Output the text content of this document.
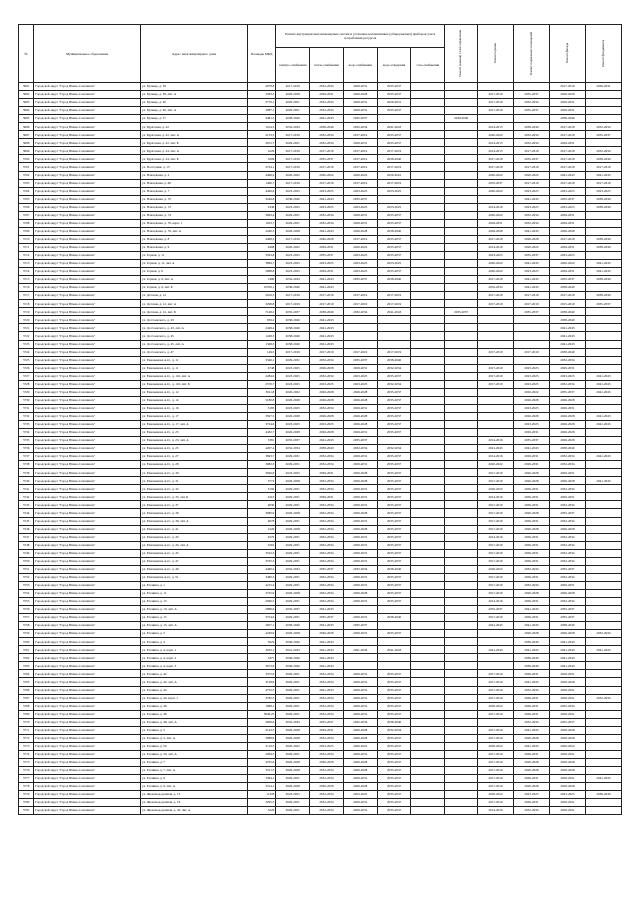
№	Муниципальное образование	Адрес многоквартирного дома	Площадь МКД	Ремонт внутридомовых инженерных систем и установка коллективных (общедомовых) приборов учета потребления ресурсов					Ремонт (замена) узлов управления	Ремонт крыши	Ремонт подвальных помещений	Ремонт фасада	Ремонт фундамента

				электро-снабжения	тепло-снабжения	водо-снабжения	водо-отведения	газо-снабжения					
3691	Городской округ "Город Южно-Сахалинск"	ул. Бульвар, д. 38	4078,8	2017-2019	2032-2034	2029-2031	2035-2037					2017-2019	2029-2031
3692	Городской округ "Город Южно-Сахалинск"	ул. Бульвар, д. 38, лит. А	3363,3	2026-2028	2029-2031	2026-2028	2035-2037			2017-2019	2035-2037	2026-2028	
3693	Городской округ "Город Южно-Сахалинск"	ул. Бульвар, д. 40	3770,1	2029-2031	2032-2034	2029-2031	2029-2031			2017-2019	2032-2034	2029-2031	
3694	Городской округ "Город Южно-Сахалинск"	ул. Бульвар, д. 40, лит. А	2087,1	2029-2031	2032-2034	2029-2031	2035-2037			2017-2019	2035-2037	2029-2031	
3695	Городской округ "Город Южно-Сахалинск"	ул. Бульвар, д. 57	4481,5	2038-2040	2041-2043	2035-2037			2038-2040			2038-2040	
3696	Городской округ "Город Южно-Сахалинск"	ул. Бурятская, д. 22	1014,5	2032-2034	2038-2040	2032-2034	2041-2043			2014-2015	2038-2040	2017-2019	2032-2034
3697	Городской округ "Город Южно-Сахалинск"	ул. Бурятская, д. 22, лит. А	2133,5	2017-2019	2032-2034	2017-2019	2035-2037			2020-2022	2032-2034	2017-2019	2035-2037
3698	Городской округ "Город Южно-Сахалинск"	ул. Бурятская, д. 22, лит. Б	2815,7	2029-2031	2032-2034	2029-2031	2035-2037			2014-2015	2032-2034	2029-2031	
3699	Городской округ "Город Южно-Сахалинск"	ул. Бурятская, д. 24, лит. А	1029	2017-2019	2017-2019	2017-2019	2017-2019			2014-2015	2017-2019	2017-2019	2032-2034
3700	Городской округ "Город Южно-Сахалинск"	ул. Бурятская, д. 24, лит. Б	3206	2017-2019	2035-2037	2017-2019	2038-2040			2017-2019	2035-2037	2017-2019	2038-2040
3701	Городской округ "Город Южно-Сахалинск"	ул. Восточная, д. 13	2724,1	2017-2019	2017-2019	2017-2019	2017-2019			2017-2019	2017-2019	2017-2019	2017-2019
3702	Городской округ "Город Южно-Сахалинск"	ул. Вокзальная, д. 2	4496,2	2020-2022	2020-2022	2020-2022	2020-2022			2020-2022	2020-2022	2041-2043	2041-2043
3703	Городской округ "Город Южно-Сахалинск"	ул. Вокзальная, д. 66	1460,7	2017-2019	2017-2019	2017-2019	2017-2019			2035-2037	2017-2019	2017-2019	2017-2019
3704	Городской округ "Город Южно-Сахалинск"	ул. Вокзальная, д. 7	4426,6	2023-2025	2023-2025	2023-2025	2023-2025			2020-2022	2023-2025	2023-2025	2023-2025
3705	Городской округ "Город Южно-Сахалинск"	ул. Вокзальная, д. 70	3246,8	2038-2040	2041-2043	2035-2037					2041-2043	2035-2037	2038-2040
3706	Городской округ "Город Южно-Сахалинск"	ул. Вокзальная, д. 72	2346	2023-2025	2023-2025	2023-2025	2023-2025			2014-2016	2023-2025	2023-2025	2038-2040
3707	Городской округ "Город Южно-Сахалинск"	ул. Вокзальная, д. 74	3663,4	2029-2031	2032-2034	2029-2031	2035-2037			2020-2022	2032-2034	2029-2031	
3708	Городской округ "Город Южно-Сахалинск"	ул. Вокзальная, д. 76, корп. 1	1023,7	2029-2031	2032-2034	2029-2031	2035-2037			2029-2031	2032-2034	2029-2031	
3709	Городской округ "Город Южно-Сахалинск"	ул. Вокзальная, д. 76, лит. А	2240,3	2026-2028	2041-2043	2026-2028	2038-2040			2026-2028	2041-2043	2026-2028	
3710	Городской округ "Город Южно-Сахалинск"	ул. Вокзальная, д. 8	4408,5	2017-2019	2026-2028	2017-2019	2035-2037			2017-2019	2026-2028	2017-2019	2038-2040
3711	Городской округ "Город Южно-Сахалинск"	ул. Вокзальная, д. 9	4498	2020-2022	2029-2031	2020-2022	2035-2037			2014-2016	2020-2022	2029-2031	2038-2040
3712	Городской округ "Город Южно-Сахалинск"	ул. Горная, д. 11	3593,8	2023-2025	2035-2037	2023-2025	2035-2037			2023-2025	2035-2037	2023-2025	
3713	Городской округ "Город Южно-Сахалинск"	ул. Горная, д. 11, лит. А	3899,7	2023-2025	2023-2025	2023-2025	2023-2025			2020-2022	2041-2043	2020-2022	2041-2043
3714	Городской округ "Город Южно-Сахалинск"	ул. Горная, д. 9	2988,8	2023-2025	2029-2031	2023-2025	2035-2037			2020-2022	2023-2025	2029-2031	2041-2043
3715	Городской округ "Город Южно-Сахалинск"	ул. Горная, д. 9, лит. А	1480	2032-2034	2041-2043	2035-2037	2038-2040			2017-2019	2041-2043	2035-2037	2038-2040
3716	Городской округ "Город Южно-Сахалинск"	ул. Горная, д. 9, лит. Б	10559,1	2038-2040	2041-2043					2032-2034	2041-2043	2038-2040	
3717	Городской округ "Город Южно-Сахалинск"	ул. Детская, д. 12	2916,3	2017-2019	2017-2019	2017-2019	2017-2019			2017-2019	2017-2019	2017-2019	2038-2040
3718	Городской округ "Город Южно-Сахалинск"	ул. Детская, д. 12, лит. А	3298,8	2017-2019	2017-2019	2017-2019	2017-2019			2017-2019	2017-2019	2015-2019	2035-2037
3719	Городской округ "Город Южно-Сахалинск"	ул. Детская, д. 12, лит. Б	7148,2	2035-2037	2038-2040	2032-2034	2041-2043		2035-2037		2035-2037	2038-2040	
3720	Городской округ "Город Южно-Сахалинск"	ул. Достоевского, д. 43	959,2	2038-2040	2041-2043							2038-2040	
3721	Городской округ "Город Южно-Сахалинск"	ул. Достоевского, д. 43, лит. А	2429,4	2038-2040	2041-2043							2041-2043	
3722	Городской округ "Город Южно-Сахалинск"	ул. Достоевского, д. 45	1248,3	2038-2040	2041-2043							2041-2043	
3723	Городской округ "Город Южно-Сахалинск"	ул. Достоевского, д. 45, лит. А	1348,3	2038-2040	2041-2043							2041-2043	
3724	Городской округ "Город Южно-Сахалинск"	ул. Достоевского, д. 47	149,5	2017-2019	2017-2019	2017-2019	2017-2019			2017-2019	2017-2019	2038-2040	
3725	Городской округ "Город Южно-Сахалинск"	ул. Емельянова А.О., д. 11	3346,1	2029-2031	2032-2034	2035-2037	2038-2040					2032-2034	
3726	Городской округ "Город Южно-Сахалинск"	ул. Емельянова А.О., д. 11	4748	2023-2025	2026-2028	2029-2031	2032-2034			2017-2019	2023-2025	2029-2031	
3727	Городской округ "Город Южно-Сахалинск"	ул. Емельянова А.О., д. 116, лит. А	2284,6	2023-2025	2032-2034	2023-2025	2035-2037			2017-2019	2023-2025	2023-2025	2041-2043
3728	Городской округ "Город Южно-Сахалинск"	ул. Емельянова А.О., д. 116, лит. Б	2576,7	2023-2025	2023-2025	2023-2025	2032-2034			2017-2019	2023-2025	2032-2034	2041-2043
3729	Городской округ "Город Южно-Сахалинск"	ул. Емельянова А.О., д. 12	3911,8	2020-2022	2026-2028	2026-2028	2035-2037				2020-2022	2035-2037	2041-2043
3730	Городской округ "Город Южно-Сахалинск"	ул. Емельянова А.О., д. 14	5180,8	2026-2028	2026-2028	2026-2028	2035-2037				2026-2028	2026-2028	
3731	Городской округ "Город Южно-Сахалинск"	ул. Емельянова А.О., д. 16	5183	2023-2025	2032-2034	2029-2031	2035-2037				2023-2025	2029-2031	
3732	Городской округ "Город Южно-Сахалинск"	ул. Емельянова А.О., д. 17	3597,5	2026-2028	2026-2028	2026-2028	2035-2037				2026-2028	2026-2028	2041-2043
3733	Городской округ "Город Южно-Сахалинск"	ул. Емельянова А.О., д. 17, лит. А	3724,6	2023-2025	2023-2025	2026-2028	2035-2037				2023-2025	2026-2028	2041-2043
3734	Городской округ "Город Южно-Сахалинск"	ул. Емельянова А.О., д. 23	4432,7	2026-2028	2026-2028	2029-2031	2035-2037				2029-2031	2026-2028	
3735	Городской округ "Город Южно-Сахалинск"	ул. Емельянова А.О., д. 23, лит. А	3381	2035-2037	2041-2043	2035-2037				2014-2016	2035-2037	2026-2028	
3736	Городской округ "Город Южно-Сахалинск"	ул. Емельянова А.О., д. 25	4207,4	2032-2034	2038-2040	2032-2034	2032-2034			2041-2043	2041-2043	2038-2040	
3737	Городской округ "Город Южно-Сахалинск"	ул. Емельянова А.О., д. 27	3693,7	2029-2031	2032-2034	2029-2031	2035-2037			2014-2016	2029-2031	2032-2034	2041-2043
3738	Городской округ "Город Южно-Сахалинск"	ул. Емельянова А.О., д. 28	3982,3	2029-2031	2032-2034	2029-2031	2035-2037			2020-2022	2029-2031	2032-2034	
3739	Городской округ "Город Южно-Сахалинск"	ул. Емельянова А.О., д. 30	3926,8	2023-2025	2029-2031	2026-2028	2035-2037			2017-2019	2026-2028	2029-2031	
3740	Городской округ "Город Южно-Сахалинск"	ул. Емельянова А.О., д. 31	3772	2026-2028	2032-2034	2026-2028	2035-2037			2017-2019	2026-2028	2026-2028	2041-2043
3741	Городской округ "Город Южно-Сахалинск"	ул. Емельянова А.О., д. 32	3159	2029-2031	2032-2034	2029-2031	2035-2037			2020-2022	2029-2031	2032-2034	
3742	Городской округ "Город Южно-Сахалинск"	ул. Емельянова А.О., д. 33, лит. Б	4210	2029-2031	2029-2031	2029-2031	2035-2037			2014-2016	2029-2031	2029-2031	
3743	Городской округ "Город Южно-Сахалинск"	ул. Емельянова А.О., д. 37	4830	2029-2031	2032-2034	2029-2031	2035-2037			2017-2019	2029-2031	2032-2034	
3744	Городской округ "Город Южно-Сахалинск"	ул. Емельянова А.О., д. 39	3680,9	2026-2028	2032-2034	2026-2028	2035-2037			2017-2019	2026-2028	2035-2037	
3745	Городской округ "Город Южно-Сахалинск"	ул. Емельянова А.О., д. 39, лит. А	4678	2029-2031	2032-2034	2029-2031	2035-2037			2017-2019	2029-2031	2032-2034	
3746	Городской округ "Город Южно-Сахалинск"	ул. Емельянова А.О., д. 41	1520	2026-2028	2032-2034	2026-2028	2035-2037			2017-2019	2026-2028	2026-2028	
3747	Городской округ "Город Южно-Сахалинск"	ул. Емельянова А.О., д. 43	4570	2029-2031	2032-2034	2029-2031	2035-2037			2014-2016	2029-2031	2032-2034	
3748	Городской округ "Город Южно-Сахалинск"	ул. Емельянова А.О., д. 43, лит. А	3291	2029-2031	2032-2034	2029-2031	2035-2037			2017-2019	2029-2031	2032-2034	
3749	Городской округ "Город Южно-Сахалинск"	ул. Емельянова А.О., д. 45	3522,3	2029-2031	2032-2034	2029-2031	2035-2037			2017-2019	2029-2031	2032-2034	
3750	Городской округ "Город Южно-Сахалинск"	ул. Емельянова А.О., д. 47	3535,3	2029-2031	2032-2034	2029-2031	2035-2037			2017-2019	2029-2031	2032-2034	
3751	Городской округ "Город Южно-Сахалинск"	ул. Емельянова А.О., д. 49	4460,2	2032-2034	2035-2037	2032-2034	2038-2040			2020-2022	2032-2034	2035-2037	
3752	Городской округ "Город Южно-Сахалинск"	ул. Емельянова А.О., д. 51	3480,3	2029-2031	2032-2034	2029-2031	2035-2037			2017-2019	2029-2031	2032-2034	
3753	Городской округ "Город Южно-Сахалинск"	ул. Есенина, д. 1	4215,4	2029-2031	2032-2034	2029-2031	2035-2037			2017-2019	2032-2034	2029-2031	
3754	Городской округ "Город Южно-Сахалинск"	ул. Есенина, д. 11	3725,9	2026-2028	2032-2034	2026-2028	2035-2037			2017-2019	2026-2028	2026-2028	
3755	Городской округ "Город Южно-Сахалинск"	ул. Есенина, д. 13	2940,5	2029-2031	2032-2034	2029-2031	2035-2037			2014-2016	2029-2031	2032-2034	
3756	Городской округ "Город Южно-Сахалинск"	ул. Есенина, д. 13, лит. А	2886,6	2035-2037	2041-2043					2035-2037	2041-2043	2035-2037	
3757	Городской округ "Город Южно-Сахалинск"	ул. Есенина, д. 15	3754,6	2029-2031	2035-2037	2029-2031	2038-2040			2017-2019	2029-2031	2035-2037	
3758	Городской округ "Город Южно-Сахалинск"	ул. Есенина, д. 15, лит. А	2657,1	2038-2040	2041-2043	2035-2037				2041-2043	2041-2043	2038-2040	
3759	Городской округ "Город Южно-Сахалинск"	ул. Есенина, д. 3	4249,9	2026-2028	2026-2028	2029-2031	2035-2037				2026-2028	2026-2028	2032-2034
3760	Городской округ "Город Южно-Сахалинск"	ул. Есенина, д. 4	3622	2038-2040	2041-2043						2038-2040	2041-2043	
3761	Городской округ "Город Южно-Сахалинск"	ул. Есенина, д. 4, корп. 1	3632,1	2041-2043	2041-2043	2041-2043	2041-2043			2041-2043	2041-2043	2041-2043	2041-2043
3762	Городской округ "Город Южно-Сахалинск"	ул. Есенина, д. 4, корп. 2	3477	2038-2040	2041-2043						2038-2040	2041-2043	
3763	Городской округ "Город Южно-Сахалинск"	ул. Есенина, д. 4, корп. 3	3673,6	2038-2040	2041-2043						2038-2040	2041-2043	
3764	Городской округ "Город Южно-Сахалинск"	ул. Есенина, д. 42	3375,6	2029-2031	2032-2034	2029-2031	2035-2037			2017-2019	2029-2031	2029-2031	
3765	Городской округ "Город Южно-Сахалинск"	ул. Есенина, д. 42, лит. А	3128,9	2029-2031	2032-2034	2029-2031	2035-2037			2017-2019	2041-2043	2026-2028	
3766	Городской округ "Город Южно-Сахалинск"	ул. Есенина, д. 44	4752,5	2029-2031	2041-2043	2029-2031	2035-2037			2017-2019	2032-2034	2029-2031	
3767	Городской округ "Город Южно-Сахалинск"	ул. Есенина, д. 44, корп. 1	3782,5	2029-2031	2032-2034	2029-2031	2035-2037			2017-2019	2029-2031	2029-2031	2032-2034
3768	Городской округ "Город Южно-Сахалинск"	ул. Есенина, д. 46	1868,1	2029-2031	2032-2034	2029-2031	2035-2037			2020-2022	2029-2031	2032-2034	
3769	Городской округ "Город Южно-Сахалинск"	ул. Есенина, д. 48	3840,25	2029-2031	2032-2034	2029-2031	2035-2037			2017-2019	2029-2031	2029-2031	
3770	Городской округ "Город Южно-Сахалинск"	ул. Есенина, д. 48, лит. А	3606,6	2032-2034	2035-2037	2032-2034	2038-2040				2032-2034	2035-2037	
3771	Городской округ "Город Южно-Сахалинск"	ул. Есенина, д. 5	4142,5	2026-2028	2029-2031	2026-2028	2032-2034			2017-2019	2041-2043	2026-2028	
3772	Городской округ "Город Южно-Сахалинск"	ул. Есенина, д. 5, лит. А	3088,9	2026-2028	2032-2034	2026-2028	2035-2037			2017-2019	2026-2028	2026-2028	
3773	Городской округ "Город Южно-Сахалинск"	ул. Есенина, д. 50	3119,5	2020-2022	2023-2025	2020-2022	2035-2037			2020-2022	2041-2043	2020-2022	
3774	Городской округ "Город Южно-Сахалинск"	ул. Есенина, д. 50, лит. А	2064,5	2029-2031	2032-2034	2029-2031	2035-2037			2017-2019	2029-2031	2029-2031	
3775	Городской округ "Город Южно-Сахалинск"	ул. Есенина, д. 7	4705,6	2026-2028	2026-2028	2026-2028	2035-2037			2017-2019	2026-2028	2026-2028	
3776	Городской округ "Город Южно-Сахалинск"	ул. Есенина, д. 7, лит. А	3311,5	2026-2028	2032-2034	2026-2028	2035-2037			2017-2019	2026-2028	2026-2028	
3777	Городской округ "Город Южно-Сахалинск"	ул. Есенина, д. 9	3394,1	2029-2031	2032-2034	2029-2031	2035-2037			2017-2019	2029-2031	2029-2031	2041-2043
3778	Городской округ "Город Южно-Сахалинск"	ул. Есенина, д. 9, лит. А	3314,1	2026-2028	2026-2028	2026-2028	2035-2037			2017-2019	2026-2028	2026-2028	
3779	Городской округ "Город Южно-Сахалинск"	ул. Железнодорожная, д. 15	11328	2023-2025	2032-2034	2023-2025	2035-2037			2020-2022	2023-2025	2023-2025	2038-2040
3780	Городской округ "Город Южно-Сахалинск"	ул. Железнодорожная, д. 16	3295,5	2029-2031	2032-2034	2029-2031	2035-2037			2017-2019	2029-2031	2029-2031	
3781	Городской округ "Город Южно-Сахалинск"	ул. Железнодорожная, д. 20, лит. А	3226	2029-2031	2032-2034	2029-2031	2035-2037			2014-2016	2032-2034	2029-2031	
